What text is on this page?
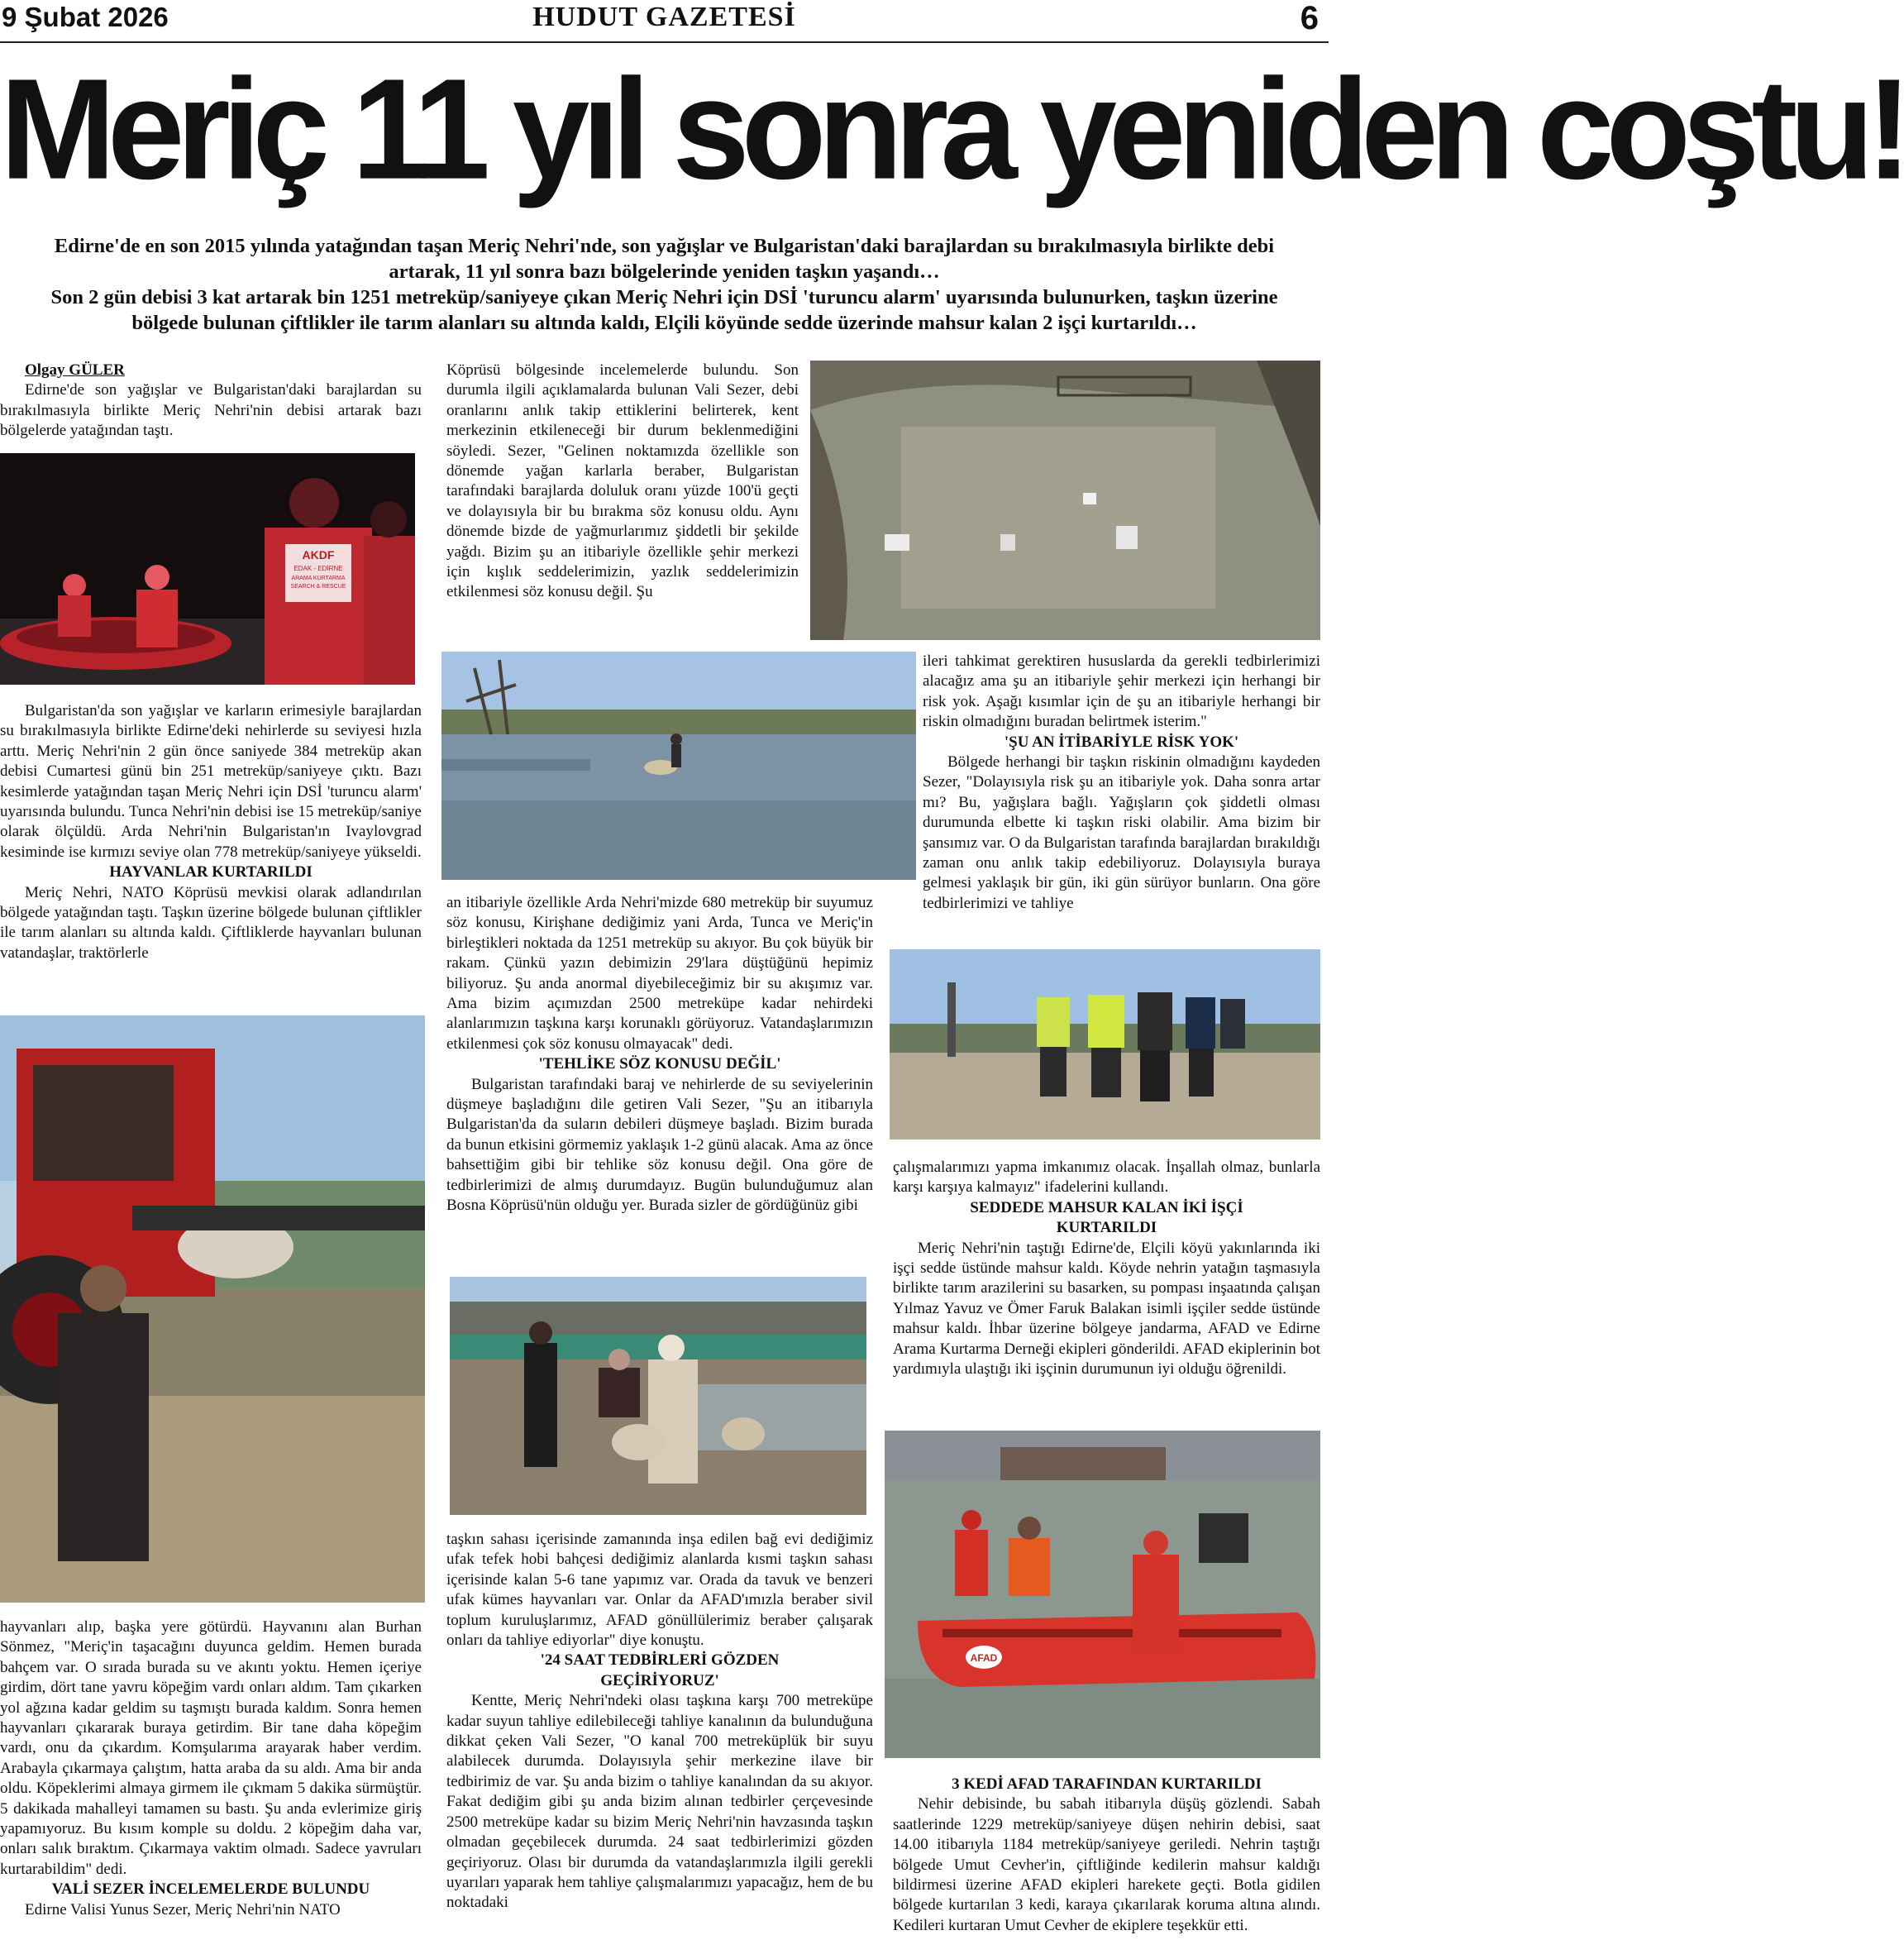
9 Şubat 2026	HUDUT GAZETESİ	6
Meriç 11 yıl sonra yeniden coştu!

Edirne'de en son 2015 yılında yatağından taşan Meriç Nehri'nde, son yağışlar ve Bulgaristan'daki barajlardan su bırakılmasıyla birlikte debi artarak, 11 yıl sonra bazı bölgelerinde yeniden taşkın yaşandı…

Son 2 gün debisi 3 kat artarak bin 1251 metreküp/saniyeye çıkan Meriç Nehri için DSİ 'turuncu alarm' uyarısında bulunurken, taşkın üzerine bölgede bulunan çiftlikler ile tarım alanları su altında kaldı, Elçili köyünde sedde üzerinde mahsur kalan 2 işçi kurtarıldı…

Olgay GÜLER

Edirne'de son yağışlar ve Bulgaristan'daki barajlardan su bırakılmasıyla birlikte Meriç Nehri'nin debisi artarak bazı bölgelerde yatağından taştı.

AKDF
EDAK - EDİRNE
ARAMA KURTARMA
SEARCH & RESCUE

Bulgaristan'da son yağışlar ve karların erimesiyle barajlardan su bırakılmasıyla birlikte Edirne'deki nehirlerde su seviyesi hızla arttı. Meriç Nehri'nin 2 gün önce saniyede 384 metreküp akan debisi Cumartesi günü bin 251 metreküp/saniyeye çıktı. Bazı kesimlerde yatağından taşan Meriç Nehri için DSİ 'turuncu alarm' uyarısında bulundu. Tunca Nehri'nin debisi ise 15 metreküp/saniye olarak ölçüldü. Arda Nehri'nin Bulgaristan'ın Ivaylovgrad kesiminde ise kırmızı seviye olan 778 metreküp/saniyeye yükseldi.

HAYVANLAR KURTARILDI

Meriç Nehri, NATO Köprüsü mevkisi olarak adlandırılan bölgede yatağından taştı. Taşkın üzerine bölgede bulunan çiftlikler ile tarım alanları su altında kaldı. Çiftliklerde hayvanları bulunan vatandaşlar, traktörlerle

hayvanları alıp, başka yere götürdü. Hayvanını alan Burhan Sönmez, "Meriç'in taşacağını duyunca geldim. Hemen burada bahçem var. O sırada burada su ve akıntı yoktu. Hemen içeriye girdim, dört tane yavru köpeğim vardı onları aldım. Tam çıkarken yol ağzına kadar geldim su taşmıştı burada kaldım. Sonra hemen hayvanları çıkararak buraya getirdim. Bir tane daha köpeğim vardı, onu da çıkardım. Komşularıma arayarak haber verdim. Arabayla çıkarmaya çalıştım, hatta araba da su aldı. Ama bir anda oldu. Köpeklerimi almaya girmem ile çıkmam 5 dakika sürmüştür. 5 dakikada mahalleyi tamamen su bastı. Şu anda evlerimize giriş yapamıyoruz. Bu kısım komple su doldu. 2 köpeğim daha var, onları salık bıraktım. Çıkarmaya vaktim olmadı. Sadece yavruları kurtarabildim" dedi.

VALİ SEZER İNCELEMELERDE BULUNDU

Edirne Valisi Yunus Sezer, Meriç Nehri'nin NATO

Köprüsü bölgesinde incelemelerde bulundu. Son durumla ilgili açıklamalarda bulunan Vali Sezer, debi oranlarını anlık takip ettiklerini belirterek, kent merkezinin etkileneceği bir durum beklenmediğini söyledi. Sezer, "Gelinen noktamızda özellikle son dönemde yağan karlarla beraber, Bulgaristan tarafındaki barajlarda doluluk oranı yüzde 100'ü geçti ve dolayısıyla bir bu bırakma söz konusu oldu. Aynı dönemde bizde de yağmurlarımız şiddetli bir şekilde yağdı. Bizim şu an itibariyle özellikle şehir merkezi için kışlık seddelerimizin, yazlık seddelerimizin etkilenmesi söz konusu değil. Şu

ileri tahkimat gerektiren hususlarda da gerekli tedbirlerimizi alacağız ama şu an itibariyle şehir merkezi için herhangi bir risk yok. Aşağı kısımlar için de şu an itibariyle herhangi bir riskin olmadığını buradan belirtmek isterim."

'ŞU AN İTİBARİYLE RİSK YOK'

Bölgede herhangi bir taşkın riskinin olmadığını kaydeden Sezer, "Dolayısıyla risk şu an itibariyle yok. Daha sonra artar mı? Bu, yağışlara bağlı. Yağışların çok şiddetli olması durumunda elbette ki taşkın riski olabilir. Ama bizim bir şansımız var. O da Bulgaristan tarafında barajlardan bırakıldığı zaman onu anlık takip edebiliyoruz. Dolayısıyla buraya gelmesi yaklaşık bir gün, iki gün sürüyor bunların. Ona göre tedbirlerimizi ve tahliye

an itibariyle özellikle Arda Nehri'mizde 680 metreküp bir suyumuz söz konusu, Kirişhane dediğimiz yani Arda, Tunca ve Meriç'in birleştikleri noktada da 1251 metreküp su akıyor. Bu çok büyük bir rakam. Çünkü yazın debimizin 29'lara düştüğünü hepimiz biliyoruz. Şu anda anormal diyebileceğimiz bir su akışımız var. Ama bizim açımızdan 2500 metreküpe kadar nehirdeki alanlarımızın taşkına karşı korunaklı görüyoruz. Vatandaşlarımızın etkilenmesi çok söz konusu olmayacak" dedi.

'TEHLİKE SÖZ KONUSU DEĞİL'

Bulgaristan tarafındaki baraj ve nehirlerde de su seviyelerinin düşmeye başladığını dile getiren Vali Sezer, "Şu an itibarıyla Bulgaristan'da da suların debileri düşmeye başladı. Bizim burada da bunun etkisini görmemiz yaklaşık 1-2 günü alacak. Ama az önce bahsettiğim gibi bir tehlike söz konusu değil. Ona göre de tedbirlerimizi de almış durumdayız. Bugün bulunduğumuz alan Bosna Köprüsü'nün olduğu yer. Burada sizler de gördüğünüz gibi

çalışmalarımızı yapma imkanımız olacak. İnşallah olmaz, bunlarla karşı karşıya kalmayız" ifadelerini kullandı.

SEDDEDE MAHSUR KALAN İKİ İŞÇİ

KURTARILDI

Meriç Nehri'nin taştığı Edirne'de, Elçili köyü yakınlarında iki işçi sedde üstünde mahsur kaldı. Köyde nehrin yatağın taşmasıyla birlikte tarım arazilerini su basarken, su pompası inşaatında çalışan Yılmaz Yavuz ve Ömer Faruk Balakan isimli işçiler sedde üstünde mahsur kaldı. İhbar üzerine bölgeye jandarma, AFAD ve Edirne Arama Kurtarma Derneği ekipleri gönderildi. AFAD ekiplerinin bot yardımıyla ulaştığı iki işçinin durumunun iyi olduğu öğrenildi.

AFAD

taşkın sahası içerisinde zamanında inşa edilen bağ evi dediğimiz ufak tefek hobi bahçesi dediğimiz alanlarda kısmi taşkın sahası içerisinde kalan 5-6 tane yapımız var. Orada da tavuk ve benzeri ufak kümes hayvanları var. Onlar da AFAD'ımızla beraber sivil toplum kuruluşlarımız, AFAD gönüllülerimiz beraber çalışarak onları da tahliye ediyorlar" diye konuştu.

'24 SAAT TEDBİRLERİ GÖZDEN

GEÇİRİYORUZ'

Kentte, Meriç Nehri'ndeki olası taşkına karşı 700 metreküpe kadar suyun tahliye edilebileceği tahliye kanalının da bulunduğuna dikkat çeken Vali Sezer, "O kanal 700 metreküplük bir suyu alabilecek durumda. Dolayısıyla şehir merkezine ilave bir tedbirimiz de var. Şu anda bizim o tahliye kanalından da su akıyor. Fakat dediğim gibi şu anda bizim alınan tedbirler çerçevesinde 2500 metreküpe kadar su bizim Meriç Nehri'nin havzasında taşkın olmadan geçebilecek durumda. 24 saat tedbirlerimizi gözden geçiriyoruz. Olası bir durumda da vatandaşlarımızla ilgili gerekli uyarıları yaparak hem tahliye çalışmalarımızı yapacağız, hem de bu noktadaki

3 KEDİ AFAD TARAFINDAN KURTARILDI

Nehir debisinde, bu sabah itibarıyla düşüş gözlendi. Sabah saatlerinde 1229 metreküp/saniyeye düşen nehirin debisi, saat 14.00 itibarıyla 1184 metreküp/saniyeye geriledi. Nehrin taştığı bölgede Umut Cevher'in, çiftliğinde kedilerin mahsur kaldığı bildirmesi üzerine AFAD ekipleri harekete geçti. Botla gidilen bölgede kurtarılan 3 kedi, karaya çıkarılarak koruma altına alındı. Kedileri kurtaran Umut Cevher de ekiplere teşekkür etti.
